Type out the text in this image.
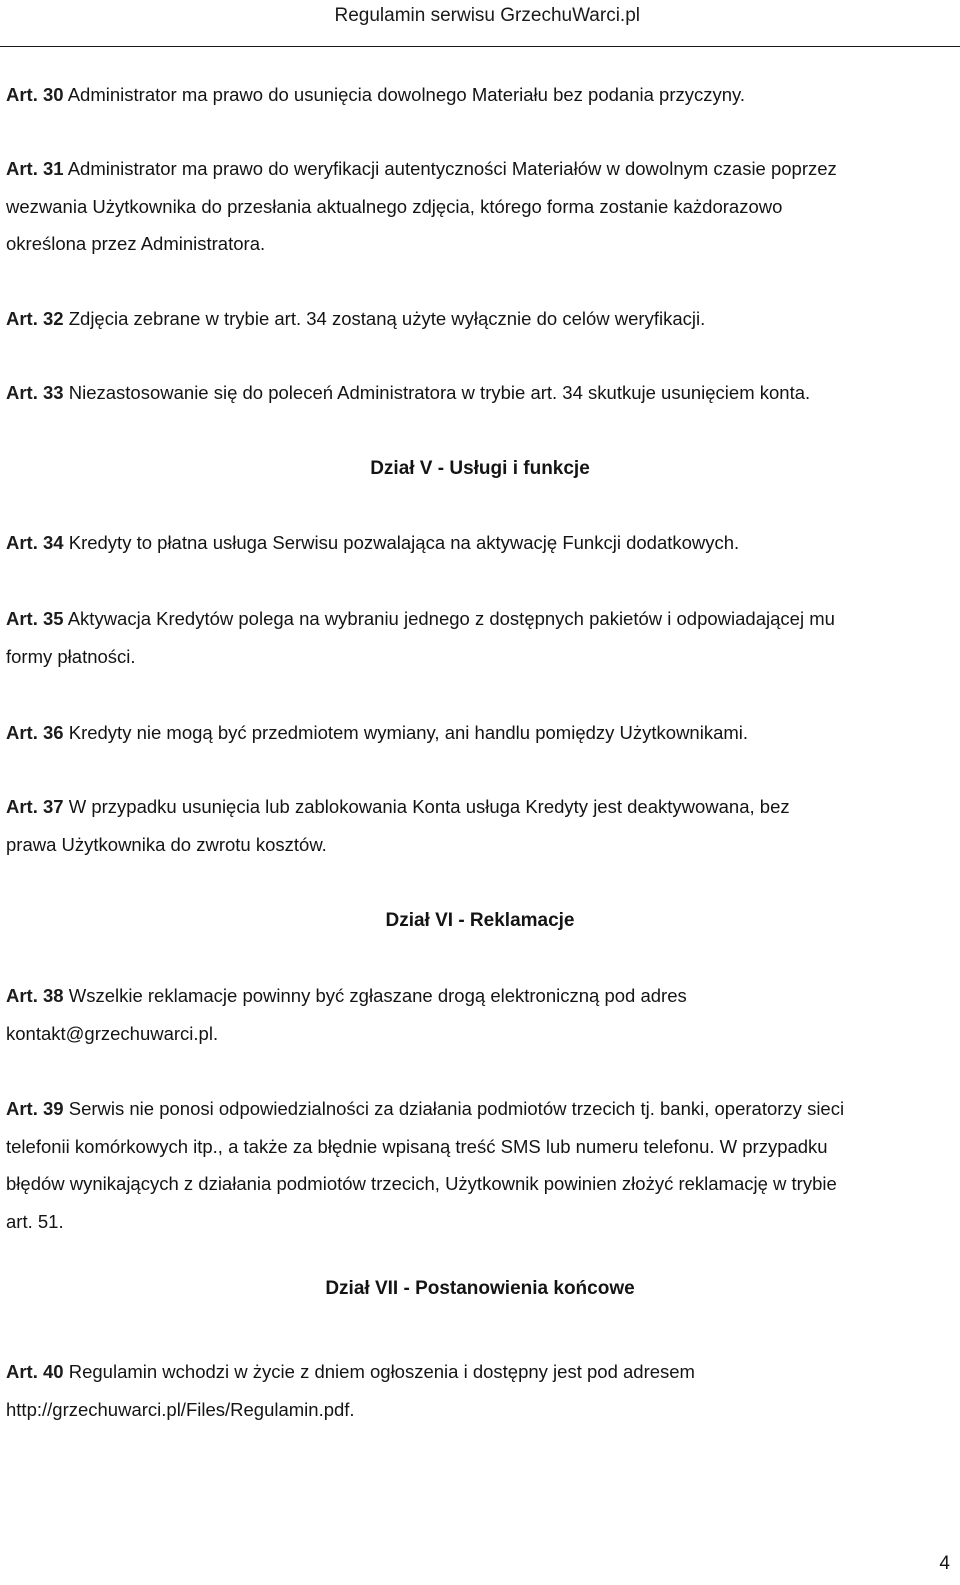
Regulamin serwisu GrzechuWarci.pl
Art. 30 Administrator ma prawo do usunięcia dowolnego Materiału bez podania przyczyny.
Art. 31 Administrator ma prawo do weryfikacji autentyczności Materiałów w dowolnym czasie poprzez
wezwania Użytkownika do przesłania aktualnego zdjęcia, którego forma zostanie każdorazowo
określona przez Administratora.
Art. 32 Zdjęcia zebrane w trybie art. 34 zostaną użyte wyłącznie do celów weryfikacji.
Art. 33 Niezastosowanie się do poleceń Administratora w trybie art. 34 skutkuje usunięciem konta.
Dział V - Usługi i funkcje
Art. 34 Kredyty to płatna usługa Serwisu pozwalająca na aktywację Funkcji dodatkowych.
Art. 35 Aktywacja Kredytów polega na wybraniu jednego z dostępnych pakietów i odpowiadającej mu
formy płatności.
Art. 36 Kredyty nie mogą być przedmiotem wymiany, ani handlu pomiędzy Użytkownikami.
Art. 37 W przypadku usunięcia lub zablokowania Konta usługa Kredyty jest deaktywowana, bez
prawa Użytkownika do zwrotu kosztów.
Dział VI - Reklamacje
Art. 38 Wszelkie reklamacje powinny być zgłaszane drogą elektroniczną pod adres
kontakt@grzechuwarci.pl.
Art. 39 Serwis nie ponosi odpowiedzialności za działania podmiotów trzecich tj. banki, operatorzy sieci
telefonii komórkowych itp., a także za błędnie wpisaną treść SMS lub numeru telefonu. W przypadku
błędów wynikających z działania podmiotów trzecich, Użytkownik powinien złożyć reklamację w trybie
art. 51.
Dział VII - Postanowienia końcowe
Art. 40 Regulamin wchodzi w życie z dniem ogłoszenia i dostępny jest pod adresem
http://grzechuwarci.pl/Files/Regulamin.pdf.
4
